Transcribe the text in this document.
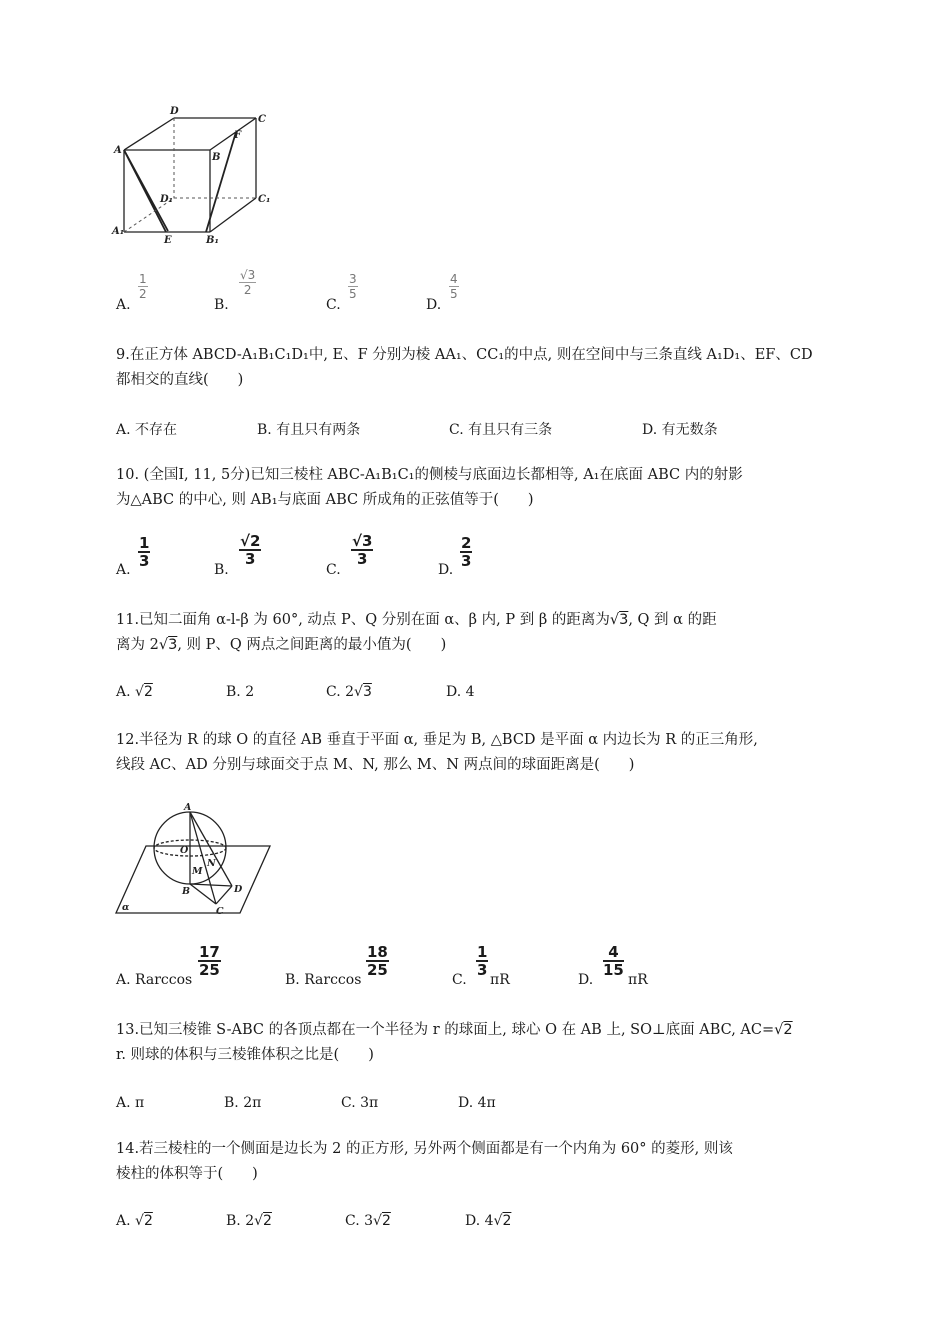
D
C
A
B
F
D₁	C₁
A₁
E	B₁
A.
$\frac{1}{2}$
B.
$\frac{√3}{2}$
C.
$\frac{3}{5}$
D.
$\frac{4}{5}$
9.在正方体 ABCD-A₁B₁C₁D₁中, E、F 分别为棱 AA₁、CC₁的中点, 则在空间中与三条直线 A₁D₁、EF、CD
都相交的直线(　　)
A. 不存在	B. 有且只有两条	C. 有且只有三条	D. 有无数条
10. (全国Ⅰ, 11, 5分)已知三棱柱 ABC-A₁B₁C₁的侧棱与底面边长都相等, A₁在底面 ABC 内的射影
为△ABC 的中心, 则 AB₁与底面 ABC 所成角的正弦值等于(　　)
A.
$\frac{1}{3}$
B.
$\frac{√2}{3}$
C.
$\frac{√3}{3}$
D.
$\frac{2}{3}$
11.已知二面角 α-l-β 为 60°, 动点 P、Q 分别在面 α、β 内, P 到 β 的距离为√3, Q 到 α 的距
离为 2√3, 则 P、Q 两点之间距离的最小值为(　　)
A. √2	B. 2	C. 2√3	D. 4
12.半径为 R 的球 O 的直径 AB 垂直于平面 α, 垂足为 B, △BCD 是平面 α 内边长为 R 的正三角形,
线段 AC、AD 分别与球面交于点 M、N, 那么 M、N 两点间的球面距离是(　　)
A
O
N
M
B	D
C
α
A. Rarccos
$\frac{17}{25}$
B. Rarccos
$\frac{18}{25}$
C.
$\frac{1}{3}$
πR	D.
$\frac{4}{15}$
πR
13.已知三棱锥 S-ABC 的各顶点都在一个半径为 r 的球面上, 球心 O 在 AB 上, SO⊥底面 ABC, AC=√2
r. 则球的体积与三棱锥体积之比是(　　)
A. π	B. 2π	C. 3π	D. 4π
14.若三棱柱的一个侧面是边长为 2 的正方形, 另外两个侧面都是有一个内角为 60° 的菱形, 则该
棱柱的体积等于(　　)
A. √2	B. 2√2	C. 3√2	D. 4√2
